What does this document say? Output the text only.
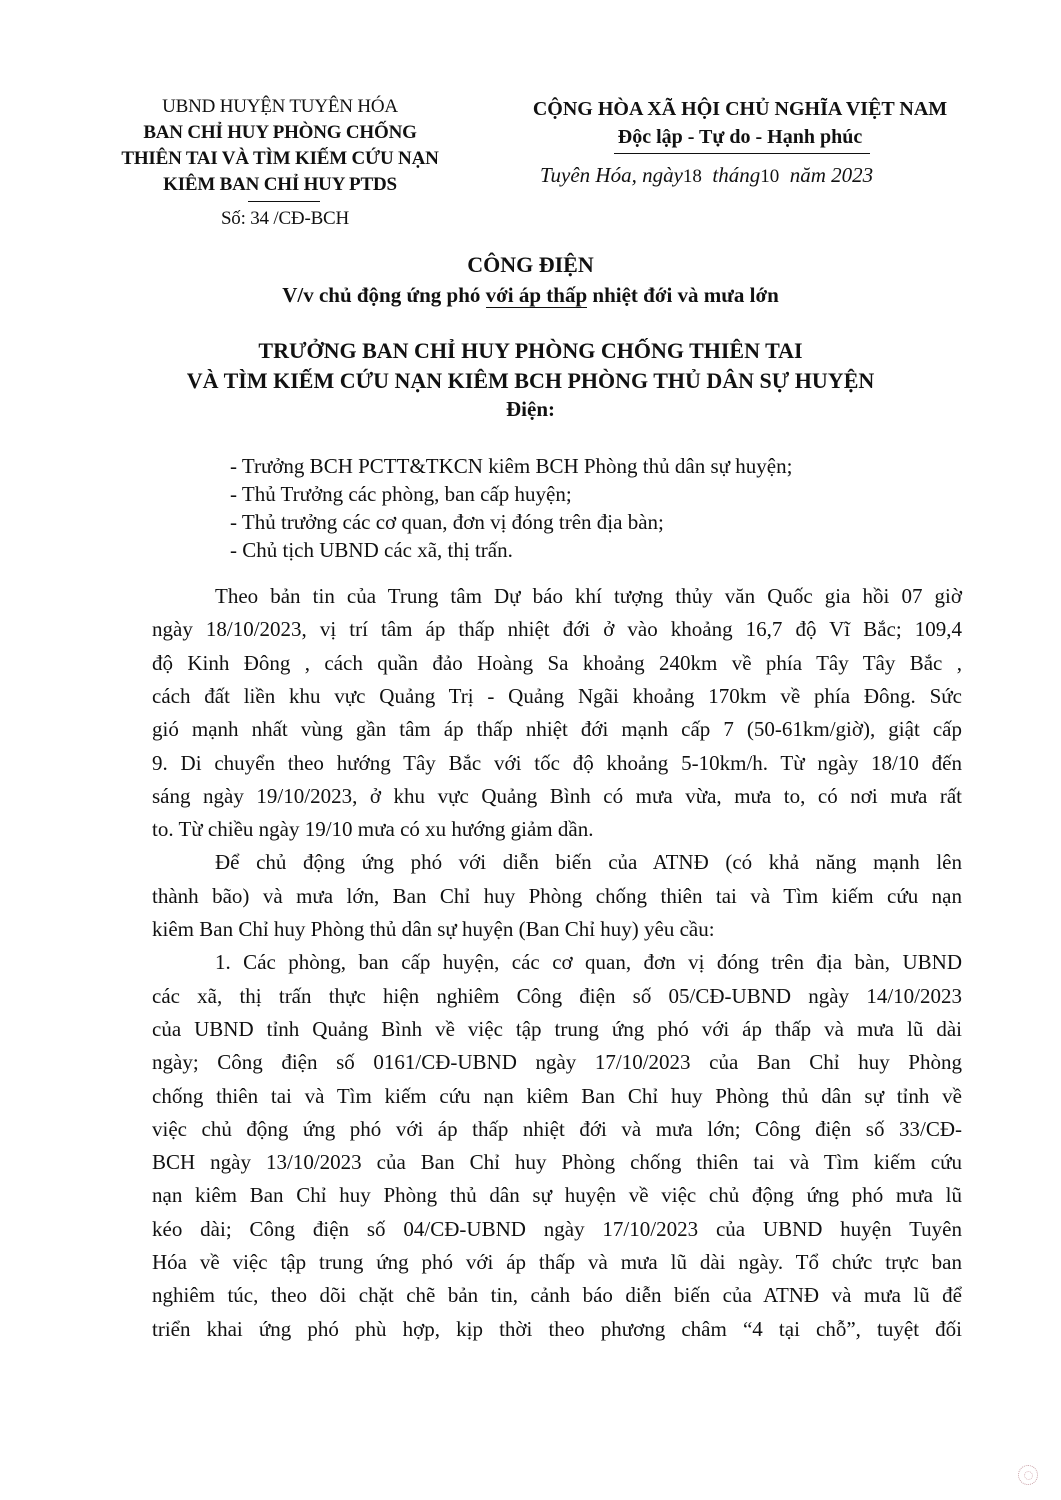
UBND HUYỆN TUYÊN HÓA
BAN CHỈ HUY PHÒNG CHỐNG
THIÊN TAI VÀ TÌM KIẾM CỨU NẠN
KIÊM BAN CHỈ HUY PTDS
Số: 34 /CĐ-BCH
CỘNG HÒA XÃ HỘI CHỦ NGHĨA VIỆT NAM
Độc lập - Tự do - Hạnh phúc
Tuyên Hóa, ngày18 tháng10 năm 2023
CÔNG ĐIỆN
V/v chủ động ứng phó với áp thấp nhiệt đới và mưa lớn
TRƯỞNG BAN CHỈ HUY PHÒNG CHỐNG THIÊN TAI
VÀ TÌM KIẾM CỨU NẠN KIÊM BCH PHÒNG THỦ DÂN SỰ HUYỆN
Điện:
- Trưởng BCH PCTT&TKCN kiêm BCH Phòng thủ dân sự huyện;
- Thủ Trưởng các phòng, ban cấp huyện;
- Thủ trưởng các cơ quan, đơn vị đóng trên địa bàn;
- Chủ tịch UBND các xã, thị trấn.
Theo bản tin của Trung tâm Dự báo khí tượng thủy văn Quốc gia hồi 07 giờ
ngày 18/10/2023, vị trí tâm áp thấp nhiệt đới ở vào khoảng 16,7 độ Vĩ Bắc; 109,4
độ Kinh Đông , cách quần đảo Hoàng Sa khoảng 240km về phía Tây Tây Bắc ,
cách đất liền khu vực Quảng Trị - Quảng Ngãi khoảng 170km về phía Đông. Sức
gió mạnh nhất vùng gần tâm áp thấp nhiệt đới mạnh cấp 7 (50-61km/giờ), giật cấp
9. Di chuyển theo hướng Tây Bắc với tốc độ khoảng 5-10km/h. Từ ngày 18/10 đến
sáng ngày 19/10/2023, ở khu vực Quảng Bình có mưa vừa, mưa to, có nơi mưa rất
to. Từ chiều ngày 19/10 mưa có xu hướng giảm dần.
Để chủ động ứng phó với diễn biến của ATNĐ (có khả năng mạnh lên
thành bão) và mưa lớn, Ban Chỉ huy Phòng chống thiên tai và Tìm kiếm cứu nạn
kiêm Ban Chỉ huy Phòng thủ dân sự huyện (Ban Chỉ huy) yêu cầu:
1. Các phòng, ban cấp huyện, các cơ quan, đơn vị đóng trên địa bàn, UBND
các xã, thị trấn thực hiện nghiêm Công điện số 05/CĐ-UBND ngày 14/10/2023
của UBND tỉnh Quảng Bình về việc tập trung ứng phó với áp thấp và mưa lũ dài
ngày; Công điện số 0161/CĐ-UBND ngày 17/10/2023 của Ban Chỉ huy Phòng
chống thiên tai và Tìm kiếm cứu nạn kiêm Ban Chỉ huy Phòng thủ dân sự tỉnh về
việc chủ động ứng phó với áp thấp nhiệt đới và mưa lớn; Công điện số 33/CĐ-
BCH ngày 13/10/2023 của Ban Chỉ huy Phòng chống thiên tai và Tìm kiếm cứu
nạn kiêm Ban Chỉ huy Phòng thủ dân sự huyện về việc chủ động ứng phó mưa lũ
kéo dài; Công điện số 04/CĐ-UBND ngày 17/10/2023 của UBND huyện Tuyên
Hóa về việc tập trung ứng phó với áp thấp và mưa lũ dài ngày. Tổ chức trực ban
nghiêm túc, theo dõi chặt chẽ bản tin, cảnh báo diễn biến của ATNĐ và mưa lũ để
triển khai ứng phó phù hợp, kịp thời theo phương châm “4 tại chỗ”, tuyệt đối
